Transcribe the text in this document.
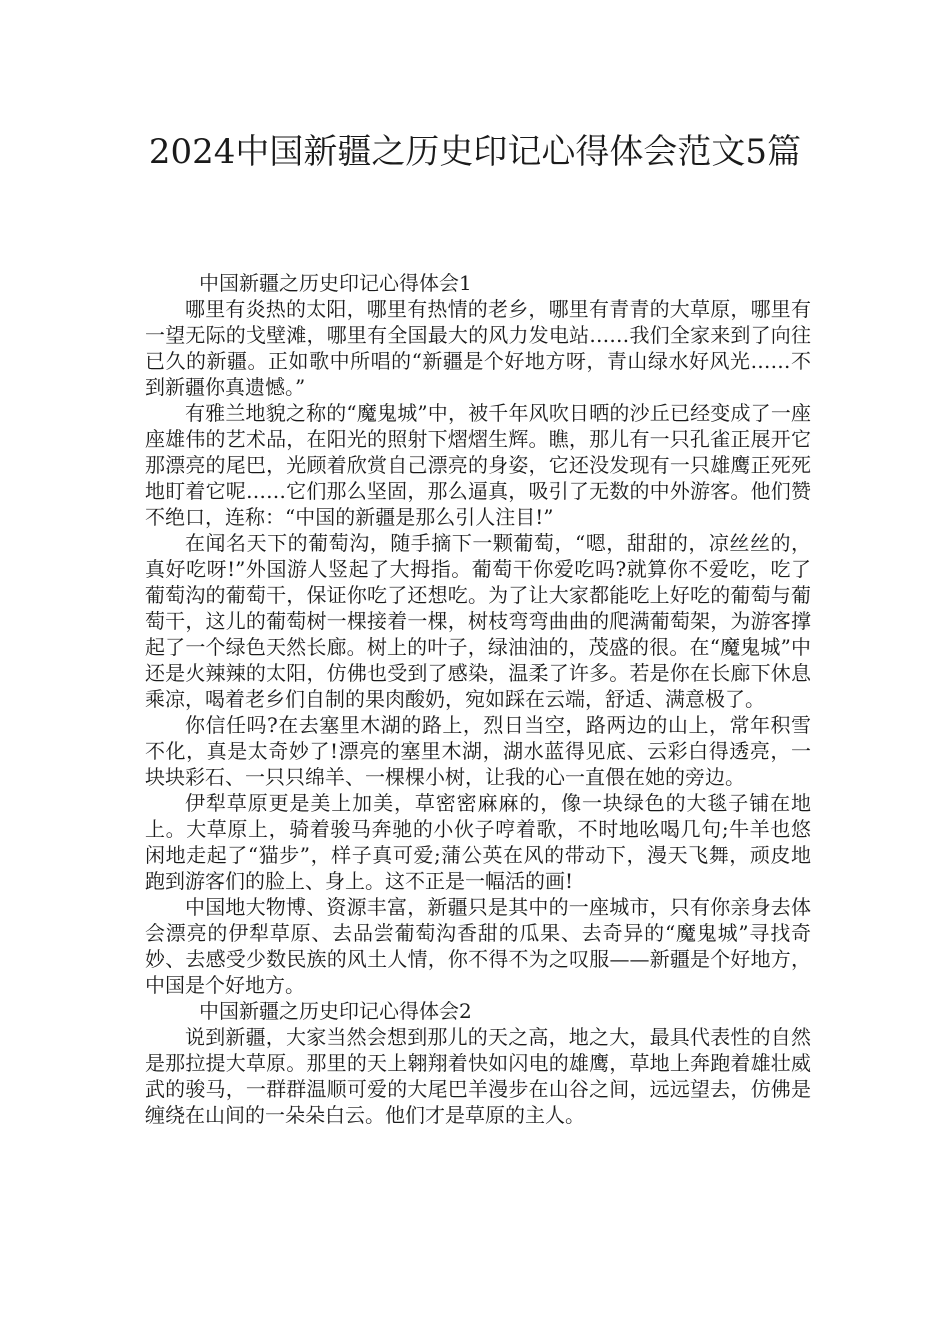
2024中国新疆之历史印记心得体会范文5篇

中国新疆之历史印记心得体会1

哪里有炎热的太阳，哪里有热情的老乡，哪里有青青的大草原，哪里有一望无际的戈壁滩，哪里有全国最大的风力发电站……我们全家来到了向往已久的新疆。正如歌中所唱的“新疆是个好地方呀，青山绿水好风光……不到新疆你真遗憾。”

有雅兰地貌之称的“魔鬼城”中，被千年风吹日晒的沙丘已经变成了一座座雄伟的艺术品，在阳光的照射下熠熠生辉。瞧，那儿有一只孔雀正展开它那漂亮的尾巴，光顾着欣赏自己漂亮的身姿，它还没发现有一只雄鹰正死死地盯着它呢……它们那么坚固，那么逼真，吸引了无数的中外游客。他们赞不绝口，连称：“中国的新疆是那么引人注目!”

在闻名天下的葡萄沟，随手摘下一颗葡萄，“嗯，甜甜的，凉丝丝的，真好吃呀!”外国游人竖起了大拇指。葡萄干你爱吃吗?就算你不爱吃，吃了葡萄沟的葡萄干，保证你吃了还想吃。为了让大家都能吃上好吃的葡萄与葡萄干，这儿的葡萄树一棵接着一棵，树枝弯弯曲曲的爬满葡萄架，为游客撑起了一个绿色天然长廊。树上的叶子，绿油油的，茂盛的很。在“魔鬼城”中还是火辣辣的太阳，仿佛也受到了感染，温柔了许多。若是你在长廊下休息乘凉，喝着老乡们自制的果肉酸奶，宛如踩在云端，舒适、满意极了。

你信任吗?在去塞里木湖的路上，烈日当空，路两边的山上，常年积雪不化，真是太奇妙了!漂亮的塞里木湖，湖水蓝得见底、云彩白得透亮，一块块彩石、一只只绵羊、一棵棵小树，让我的心一直偎在她的旁边。

伊犁草原更是美上加美，草密密麻麻的，像一块绿色的大毯子铺在地上。大草原上，骑着骏马奔驰的小伙子哼着歌，不时地吆喝几句;牛羊也悠闲地走起了“猫步”，样子真可爱;蒲公英在风的带动下，漫天飞舞，顽皮地跑到游客们的脸上、身上。这不正是一幅活的画!

中国地大物博、资源丰富，新疆只是其中的一座城市，只有你亲身去体会漂亮的伊犁草原、去品尝葡萄沟香甜的瓜果、去奇异的“魔鬼城”寻找奇妙、去感受少数民族的风土人情，你不得不为之叹服——新疆是个好地方，中国是个好地方。

中国新疆之历史印记心得体会2

说到新疆，大家当然会想到那儿的天之高，地之大，最具代表性的自然是那拉提大草原。那里的天上翱翔着快如闪电的雄鹰，草地上奔跑着雄壮威武的骏马，一群群温顺可爱的大尾巴羊漫步在山谷之间，远远望去，仿佛是缠绕在山间的一朵朵白云。他们才是草原的主人。
